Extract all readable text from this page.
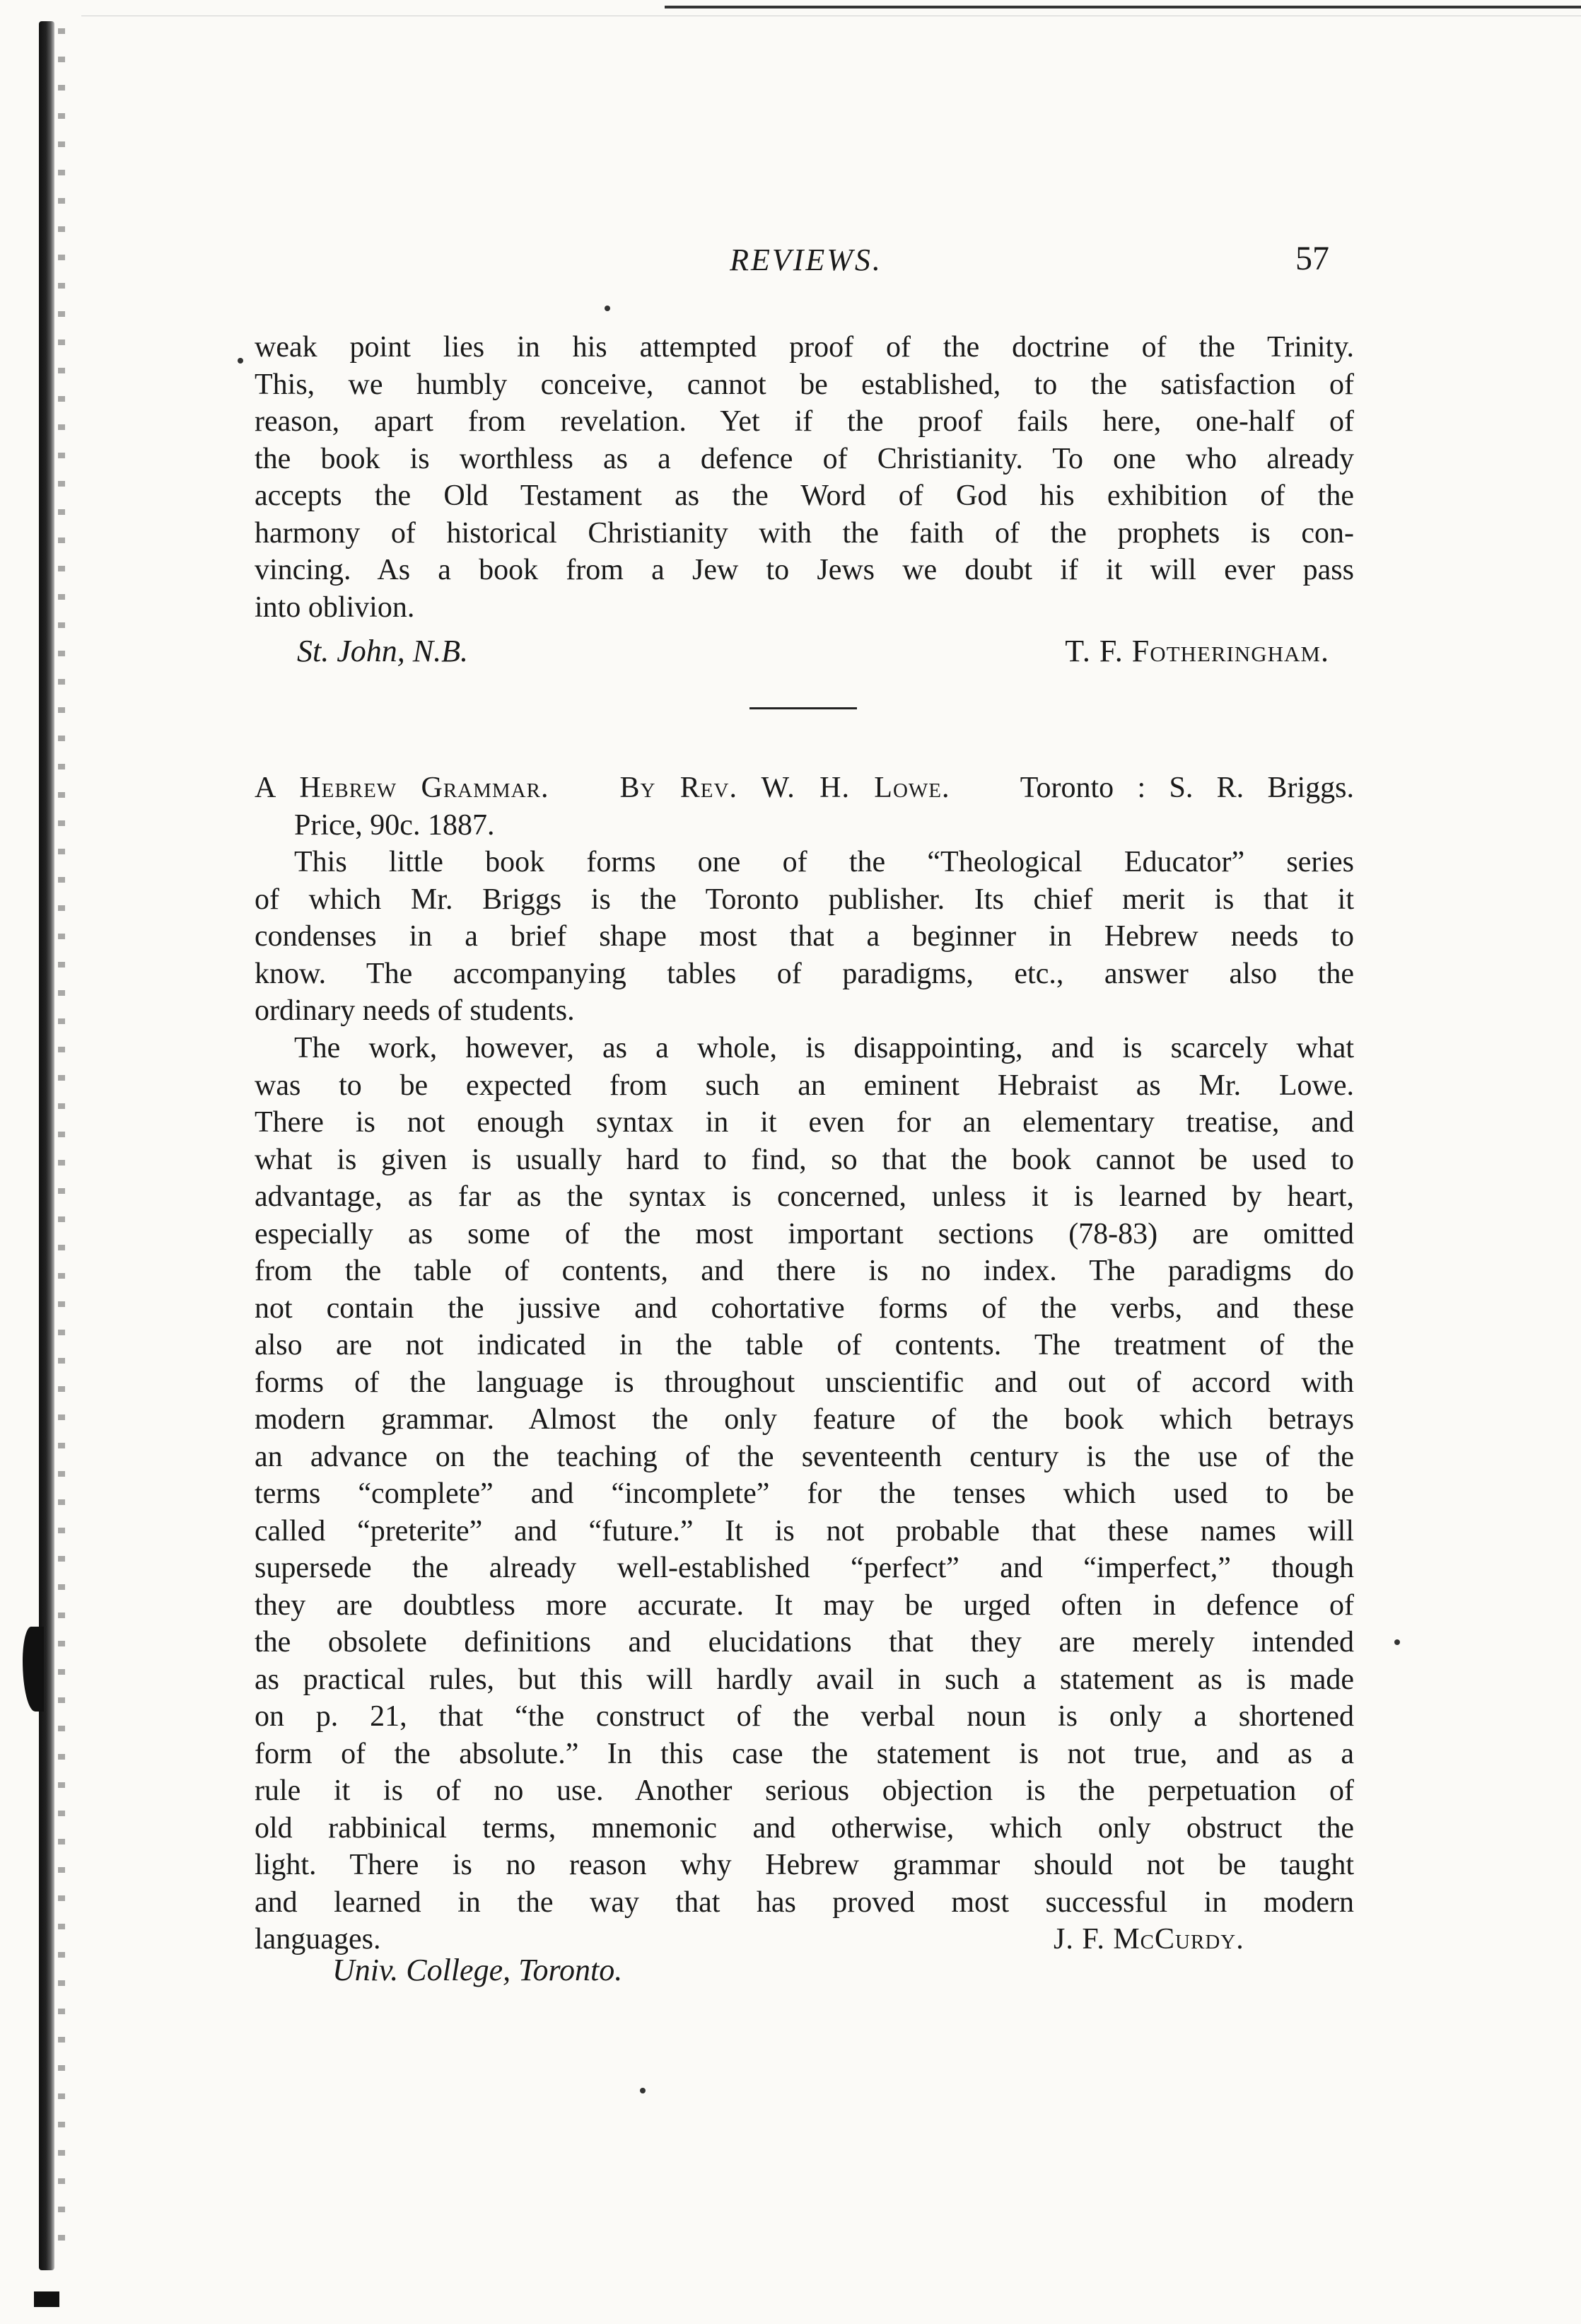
REVIEWS.	57
weak point lies in his attempted proof of the doctrine of the Trinity.
This, we humbly conceive, cannot be established, to the satisfaction of
reason, apart from revelation. Yet if the proof fails here, one-half of
the book is worthless as a defence of Christianity. To one who already
accepts the Old Testament as the Word of God his exhibition of the
harmony of historical Christianity with the faith of the prophets is con-
vincing. As a book from a Jew to Jews we doubt if it will ever pass
into oblivion.
St. John, N.B.	T. F. Fotheringham.
A Hebrew Grammar. By Rev. W. H. Lowe. Toronto : S. R. Briggs.
Price, 90c. 1887.
This little book forms one of the “Theological Educator” series
of which Mr. Briggs is the Toronto publisher. Its chief merit is that it
condenses in a brief shape most that a beginner in Hebrew needs to
know. The accompanying tables of paradigms, etc., answer also the
ordinary needs of students.
The work, however, as a whole, is disappointing, and is scarcely what
was to be expected from such an eminent Hebraist as Mr. Lowe.
There is not enough syntax in it even for an elementary treatise, and
what is given is usually hard to find, so that the book cannot be used to
advantage, as far as the syntax is concerned, unless it is learned by heart,
especially as some of the most important sections (78-83) are omitted
from the table of contents, and there is no index. The paradigms do
not contain the jussive and cohortative forms of the verbs, and these
also are not indicated in the table of contents. The treatment of the
forms of the language is throughout unscientific and out of accord with
modern grammar. Almost the only feature of the book which betrays
an advance on the teaching of the seventeenth century is the use of the
terms “complete” and “incomplete” for the tenses which used to be
called “preterite” and “future.” It is not probable that these names will
supersede the already well-established “perfect” and “imperfect,” though
they are doubtless more accurate. It may be urged often in defence of
the obsolete definitions and elucidations that they are merely intended
as practical rules, but this will hardly avail in such a statement as is made
on p. 21, that “the construct of the verbal noun is only a shortened
form of the absolute.” In this case the statement is not true, and as a
rule it is of no use. Another serious objection is the perpetuation of
old rabbinical terms, mnemonic and otherwise, which only obstruct the
light. There is no reason why Hebrew grammar should not be taught
and learned in the way that has proved most successful in modern
languages.	J. F. McCurdy.
Univ. College, Toronto.
